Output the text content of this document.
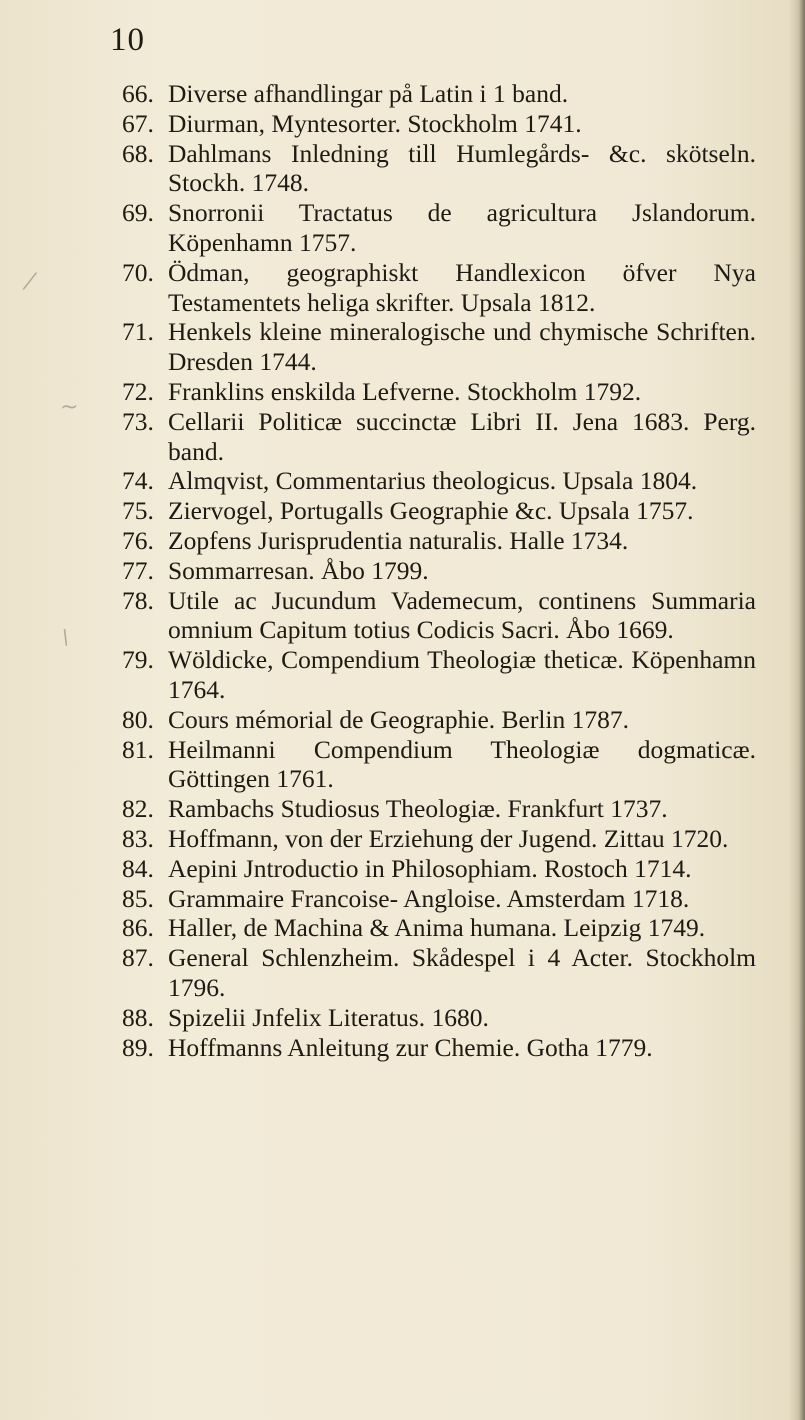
10
⁄
~
\
66. Diverse afhandlingar på Latin i 1 band.
67. Diurman, Myntesorter. Stockholm 1741.
68. Dahlmans Inledning till Humlegårds- &c. skötseln. Stockh. 1748.
69. Snorronii Tractatus de agricultura Jslandorum. Köpenhamn 1757.
70. Ödman, geographiskt Handlexicon öfver Nya Testamentets heliga skrifter. Upsala 1812.
71. Henkels kleine mineralogische und chymische Schriften. Dresden 1744.
72. Franklins enskilda Lefverne. Stockholm 1792.
73. Cellarii Politicæ succinctæ Libri II. Jena 1683. Perg. band.
74. Almqvist, Commentarius theologicus. Upsala 1804.
75. Ziervogel, Portugalls Geographie &c. Upsala 1757.
76. Zopfens Jurisprudentia naturalis. Halle 1734.
77. Sommarresan. Åbo 1799.
78. Utile ac Jucundum Vademecum, continens Summaria omnium Capitum totius Codicis Sacri. Åbo 1669.
79. Wöldicke, Compendium Theologiæ theticæ. Köpenhamn 1764.
80. Cours mémorial de Geographie. Berlin 1787.
81. Heilmanni Compendium Theologiæ dogmaticæ. Göttingen 1761.
82. Rambachs Studiosus Theologiæ. Frankfurt 1737.
83. Hoffmann, von der Erziehung der Jugend. Zittau 1720.
84. Aepini Jntroductio in Philosophiam. Rostoch 1714.
85. Grammaire Francoise- Angloise. Amsterdam 1718.
86. Haller, de Machina & Anima humana. Leipzig 1749.
87. General Schlenzheim. Skådespel i 4 Acter. Stockholm 1796.
88. Spizelii Jnfelix Literatus. 1680.
89. Hoffmanns Anleitung zur Chemie. Gotha 1779.
